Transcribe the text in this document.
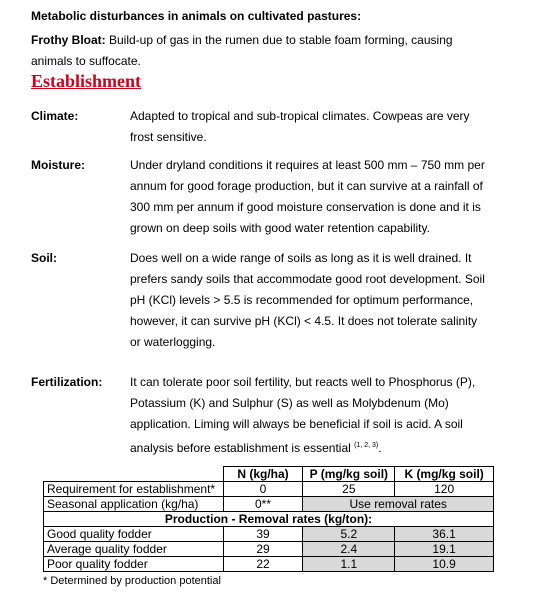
Metabolic disturbances in animals on cultivated pastures:
Frothy Bloat: Build-up of gas in the rumen due to stable foam forming, causing
animals to suffocate.
Establishment
Climate:	Adapted to tropical and sub-tropical climates. Cowpeas are very
frost sensitive.
Moisture:	Under dryland conditions it requires at least 500 mm – 750 mm per
annum for good forage production, but it can survive at a rainfall of
300 mm per annum if good moisture conservation is done and it is
grown on deep soils with good water retention capability.
Soil:	Does well on a wide range of soils as long as it is well drained. It
prefers sandy soils that accommodate good root development. Soil
pH (KCl) levels > 5.5 is recommended for optimum performance,
however, it can survive pH (KCl) < 4.5. It does not tolerate salinity
or waterlogging.
Fertilization: It can tolerate poor soil fertility, but reacts well to Phosphorus (P),
Potassium (K) and Sulphur (S) as well as Molybdenum (Mo)
application. Liming will always be beneficial if soil is acid. A soil
analysis before establishment is essential $^{(1, 2, 3)}$.
	N (kg/ha)	P (mg/kg soil)	K (mg/kg soil)
Requirement for establishment*	0	25	120
Seasonal application (kg/ha)	0**	Use removal rates	
Production - Removal rates (kg/ton):			
Good quality fodder	39	5.2	36.1
Average quality fodder	29	2.4	19.1
Poor quality fodder	22	1.1	10.9
* Determined by production potential
